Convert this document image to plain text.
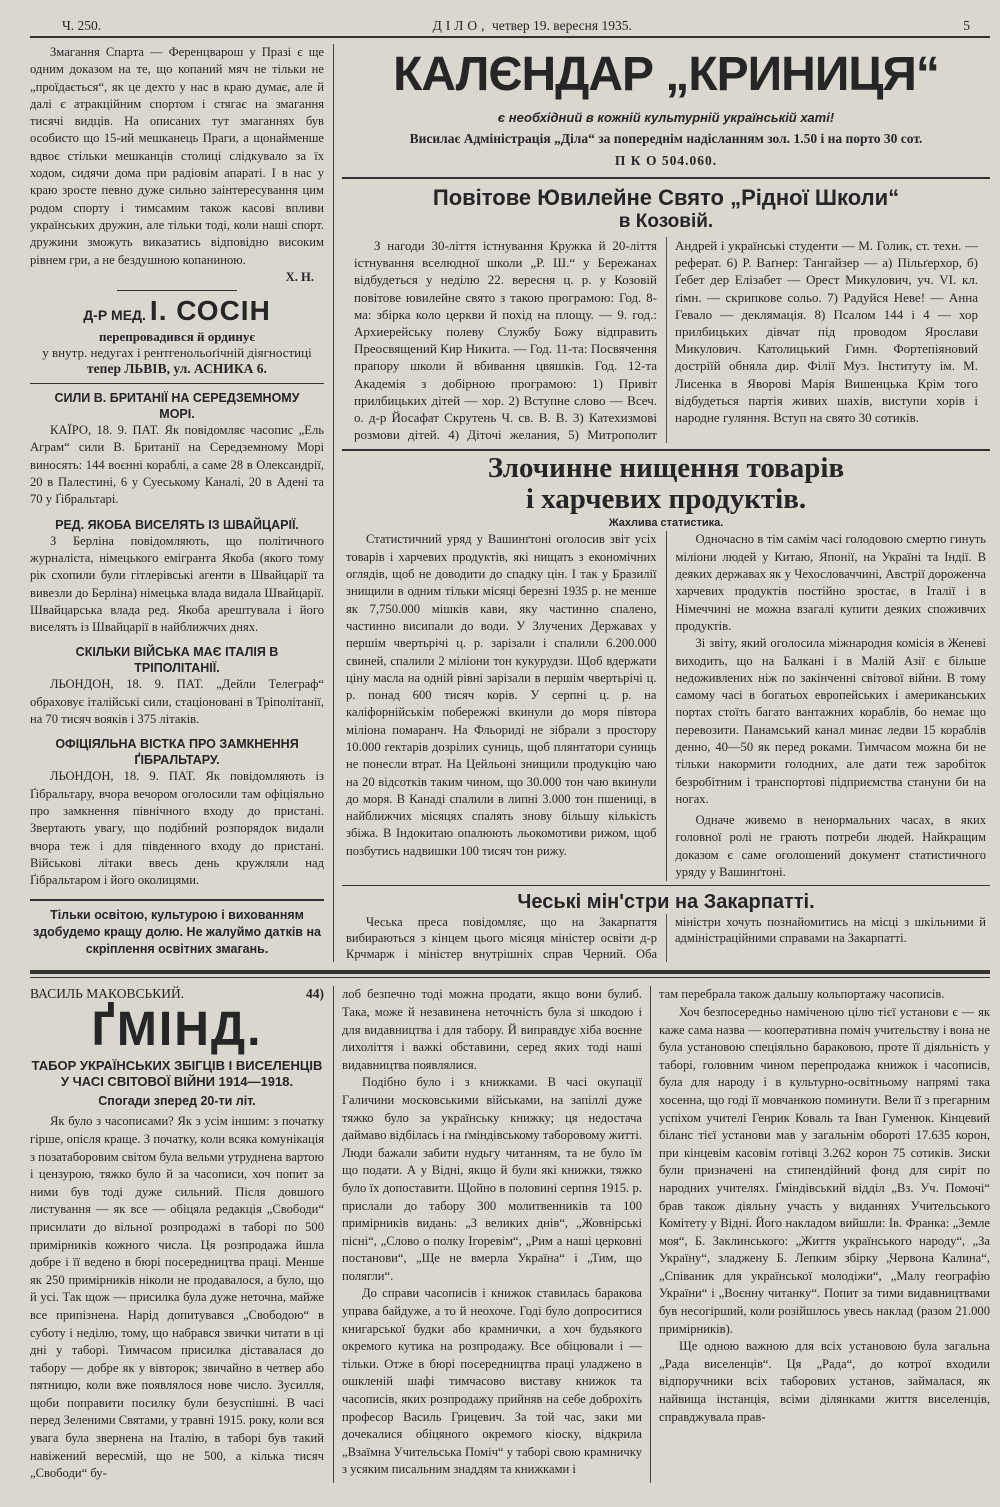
Ч. 250.	ДІЛО, четвер 19. вересня 1935.	5

Змагання Спарта — Ференцварош у Празі є ще одним доказом на те, що копаний мяч не тільки не „проїдається“, як це дехто у нас в краю думає, але й далі є атракційним спортом і стягає на змагання тисячі видців. На описаних тут змаганнях був особисто що 15-ий мешканець Праги, а щонайменше вдвоє стільки мешканців столиці слідкувало за їх ходом, сидячи дома при радіовім апараті. І в нас у краю зросте певно дуже сильно заінтересування цим родом спорту і тимсамим також касові впливи українських дружин, але тільки тоді, коли наші спорт. дружини зможуть виказатись відповідно високим рівнем гри, а не бездушною копаниною.

Х. Н.
Д-Р МЕД. І. СОСІН
перепровадився й ординує
у внутр. недугах і рентгенольоґічній діягностиці
тепер ЛЬВІВ, ул. АСНИКА 6.
СИЛИ В. БРИТАНІЇ НА СЕРЕДЗЕМНОМУ МОРІ.

КАЇРО, 18. 9. ПАТ. Як повідомляє часопис „Ель Аграм“ сили В. Британії на Середземному Морі виносять: 144 воєнні кораблі, а саме 28 в Олександрії, 20 в Палестині, 6 у Суеському Каналі, 20 в Адені та 70 у Ґібральтарі.

РЕД. ЯКОБА ВИСЕЛЯТЬ ІЗ ШВАЙЦАРІЇ.

З Берліна повідомляють, що політичного журналіста, німецького емігранта Якоба (якого тому рік схопили були гітлерівські агенти в Швайцарії та вивезли до Берліна) німецька влада видала Швайцарії. Швайцарська влада ред. Якоба арештувала і його виселять із Швайцарії в найближчих днях.

СКІЛЬКИ ВІЙСЬКА МАЄ ІТАЛІЯ В ТРІПОЛІТАНІЇ.

ЛЬОНДОН, 18. 9. ПАТ. „Дейли Телеграф“ обраховує італійські сили, стаціоновані в Тріполітанії, на 70 тисяч вояків і 375 літаків.

ОФІЦІЯЛЬНА ВІСТКА ПРО ЗАМКНЕННЯ ҐІБРАЛЬТАРУ.

ЛЬОНДОН, 18. 9. ПАТ. Як повідомляють із Ґібральтару, вчора вечором оголосили там офіціяльно про замкнення північного входу до пристані. Звертають увагу, що подібний розпорядок видали вчора теж і для південного входу до пристані. Військові літаки ввесь день кружляли над Ґібральтаром і його околицями.

Тільки освітою, культурою і вихованням здобудемо кращу долю. Не жалуймо датків на скріплення освітних змагань.
КАЛЄНДАР „КРИНИЦЯ“
є необхідний в кожній культурній українській хаті!
Висилає Адміністрація „Діла“ за попереднім надісланням зол. 1.50 і на порто 30 сот.
П К О 504.060.
Повітове Ювилейне Свято „Рідної Школи“
в Козовій.

З нагоди 30-ліття істнування Кружка й 20-ліття істнування вселюдної школи „Р. Ш.“ у Бережанах відбудеться у неділю 22. вересня ц. р. у Козовій повітове ювилейне свято з такою програмою: Год. 8-ма: збірка коло церкви й похід на площу. — 9. год.: Архиерейську полеву Службу Божу відправить Преосвящений Кир Никита. — Год. 11-та: Посвячення прапору школи й вбивання цвяшків. Год. 12-та Академія з добірною програмою: 1) Привіт прилбицьких дітей — хор. 2) Вступне слово — Всеч. о. д-р Йосафат Скрутень Ч. св. В. В. 3) Катехизмові розмови дітей. 4) Діточі желания, 5) Митрополит Андрей і українські студенти — М. Голик, ст. техн. — реферат. 6) Р. Ваґнер: Тангайзер — а) Пільґерхор, б) Ґебет дер Елізабет — Орест Микулович, уч. VI. кл. ґімн. — скрипкове сольо. 7) Радуйся Неве! — Анна Гевало — деклямація. 8) Псалом 144 і 4 — хор прилбицьких дівчат під проводом Ярослави Микулович. Католицький Гимн. Фортепіяновий достріїй обняла дир. Філії Муз. Інституту ім. М. Лисенка в Яворові Марія Вишенцька Крім того відбудеться партія живих шахів, виступи хорів і народне гуляння. Вступ на свято 30 сотиків.

Злочинне нищення товарів
і харчевих продуктів.
Жахлива статистика.

Статистичний уряд у Вашинґтоні оголосив звіт усіх товарів і харчевих продуктів, які нищать з економічних оглядів, щоб не доводити до спадку цін. І так у Бразилії знищили в одним тільки місяці березні 1935 р. не менше як 7,750.000 мішків кави, яку частинно спалено, частинно висипали до води. У Злучених Державах у першім чвертьрічі ц. р. зарізали і спалили 6.200.000 свиней, спалили 2 міліони тон кукурудзи. Щоб вдержати ціну масла на одній рівні зарізали в першім чвертьрічі ц. р. понад 600 тисяч корів. У серпні ц. р. на каліфорнійськім побережжі вкинули до моря півтора міліона помаранч. На Фльориді не зібрали з простору 10.000 гектарів дозрілих суниць, щоб плянтатори суниць не понесли втрат. На Цейльоні знищили продукцію чаю на 20 відсотків таким чином, що 30.000 тон чаю вкинули до моря. В Канаді спалили в липні 3.000 тон пшениці, в найближчих місяцях спалять знову більшу кількість збіжа. В Індокитаю опалюють льокомотиви рижом, щоб позбутись надвишки 100 тисяч тон рижу.

Одночасно в тім самім часі голодовою смертю гинуть міліони людей у Китаю, Японії, на Україні та Індії. В деяких державах як у Чехословаччині, Австрії дороженча харчевих продуктів постійно зростає, в Італії і в Німеччині не можна взагалі купити деяких споживчих продуктів.

Зі звіту, який оголосила міжнародня комісія в Женеві виходить, що на Балкані і в Малій Азії є більше недоживлених ніж по закінченні світової війни. В тому самому часі в богатьох европейських і американських портах стоїть багато вантажних кораблів, бо немає що перевозити. Панамський канал минає ледви 15 кораблів денно, 40—50 як перед роками. Тимчасом можна би не тільки накормити голодних, але дати теж заробіток безробітним і транспортові підприємства стануни би на ногах.

Одначе живемо в ненормальних часах, в яких головної ролі не грають потреби людей. Найкращим доказом є саме оголошений документ статистичного уряду у Вашинґтоні.

Чеські мін'стри на Закарпатті.

Чеська преса повідомляє, що на Закарпаття вибираються з кінцем цього місяця міністер освіти д-р Крчмарж і міністер внутрішніх справ Черний. Оба міністри хочуть познайомитись на місці з шкільними й адміністраційними справами на Закарпатті.

ВАСИЛЬ МАКОВСЬКИЙ.	44)
ҐМІНД.
ТАБОР УКРАЇНСЬКИХ ЗБІГЦІВ І ВИСЕЛЕНЦІВ У ЧАСІ СВІТОВОЇ ВІЙНИ 1914—1918.
Спогади зперед 20-ти літ.

Як було з часописами? Як з усім іншим: з початку гірше, опісля краще. З початку, коли всяка комунікація з позатаборовим світом була вельми утруднена вартою і цензурою, тяжко було й за часописи, хоч попит за ними був тоді дуже сильний. Після довшого листування — як все — обіцяла редакція „Свободи“ присилати до вільної розпродажі в таборі по 500 примірників кожного числа. Ця розпродажа йшла добре і її ведено в бюрі посередництва праці. Менше як 250 примірників ніколи не продавалося, а було, що й усі. Так щож — присилка була дуже неточна, майже все припізнена. Нарід допитувався „Свободою“ в суботу і неділю, тому, що набрався звички читати в ці дні у таборі. Тимчасом присилка діставалася до табору — добре як у вівторок; звичайно в четвер або пятницю, коли вже появлялося нове число. Зусилля, щоби поправити посилку були безуспішні. В часі перед Зеленими Святами, у травні 1915. року, коли вся увага була звернена на Італію, в таборі був такий навіжений вересмій, що не 500, а кілька тисяч „Свободи“ бу-

лоб безпечно тоді можна продати, якщо вони булиб. Така, може й незавинена неточність була зі шкодою і для видавництва і для табору. Й виправдує хіба воєнне лихоліття і важкі обставини, серед яких тоді наші видавництва появлялися.

Подібно було і з книжками. В часі окупації Галичини московськими військами, на запіллі дуже тяжко було за українську книжку; ця недостача даймаво відбілась і на ґміндівському таборовому житті. Люди бажали забити нудьгу читанням, та не було їм що подати. А у Відні, якщо й були які книжки, тяжко було їх допоставити. Щойно в половині серпня 1915. р. прислали до табору 300 молитвенників та 100 примірників видань: „З великих днів“, „Жовнірські пісні“, „Слово о полку Ігоревім“, „Рим а наші церковні постанови“, „Ще не вмерла Україна“ і „Тим, що полягли“.

До справи часописів і книжок ставилась баракова управа байдуже, а то й неохоче. Годі було допроситися книгарської будки або крамнички, а хоч будьякого окремого кутика на розпродажу. Все обіцювали і — тільки. Отже в бюрі посередництва праці уладжено в ошкленій шафі тимчасово виставу книжок та часописів, яких розпродажу прийняв на себе доброхіть професор Василь Грицевич. За той час, заки ми дочекалися обіцяного окремого кіоску, відкрила „Взаїмна Учительська Поміч“ у таборі свою крамничку з усяким писальним знаддям та книжками і

там перебрала також дальшу кольпортажу часописів.

Хоч безпосередньо наміченою цілю тієї установи є — як каже сама назва — кооперативна поміч учительству і вона не була установою спеціяльно бараковою, проте її діяльність у таборі, головним чином перепродажа книжок і часописів, була для народу і в культурно-освітньому напрямі така хосенна, що годі її мовчанкою поминути. Вели її з прегарним успіхом учителі Генрик Коваль та Іван Гуменюк. Кінцевий біланс тієї установи мав у загальнім обороті 17.635 корон, при кінцевім касовім готівці 3.262 корон 75 сотиків. Зиски були призначені на стипендійний фонд для сиріт по народних учителях. Ґміндівський відділ „Вз. Уч. Помочі“ брав також діяльну участь у виданнях Учительського Комітету у Відні. Його накладом вийшли: Ів. Франка: „Земле моя“, Б. Заклинського: „Життя українського народу“, „За Україну“, зладжену Б. Лепким збірку „Червона Калина“, „Співаник для української молодіжи“, „Малу географію України“ і „Воєнну читанку“. Попит за тими видавництвами був несогірший, коли розійшлось увесь наклад (разом 21.000 примірників).

Ще одною важною для всіх установою була загальна „Рада виселенців“. Ця „Рада“, до котрої входили відпоручники всіх таборових установ, займалася, як найвища інстанція, всіми ділянками життя виселенців, справджувала прав-
